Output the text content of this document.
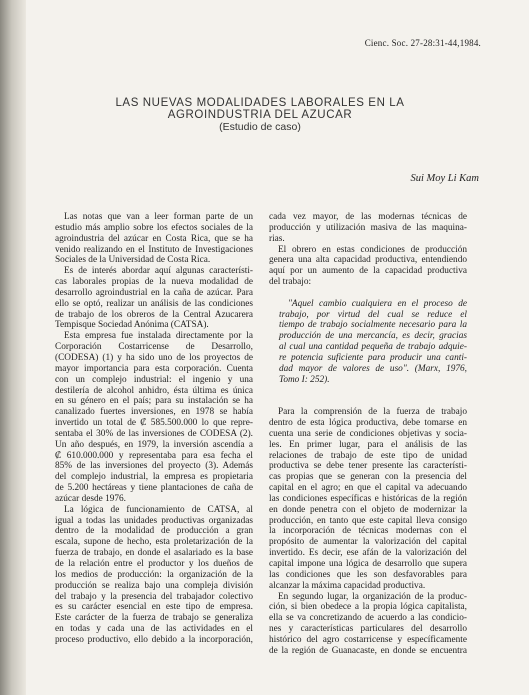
Cienc. Soc. 27-28:31-44,1984.
LAS NUEVAS MODALIDADES LABORALES EN LA
AGROINDUSTRIA DEL AZUCAR
(Estudio de caso)
Sui Moy Li Kam
Las notas que van a leer forman parte de un
estudio más amplio sobre los efectos sociales de la
agroindustria del azúcar en Costa Rica, que se ha
venido realizando en el Instituto de Investigaciones
Sociales de la Universidad de Costa Rica.
Es de interés abordar aquí algunas característi-
cas laborales propias de la nueva modalidad de
desarrollo agroindustrial en la caña de azúcar. Para
ello se optó, realizar un análisis de las condiciones
de trabajo de los obreros de la Central Azucarera
Tempisque Sociedad Anónima (CATSA).
Esta empresa fue instalada directamente por la
Corporación Costarricense de Desarrollo,
(CODESA) (1) y ha sido uno de los proyectos de
mayor importancia para esta corporación. Cuenta
con un complejo industrial: el ingenio y una
destilería de alcohol anhidro, ésta última es única
en su género en el país; para su instalación se ha
canalizado fuertes inversiones, en 1978 se había
invertido un total de ₡ 585.500.000 lo que repre-
sentaba el 30% de las inversiones de CODESA (2).
Un año después, en 1979, la inversión ascendía a
₡ 610.000.000 y representaba para esa fecha el
85% de las inversiones del proyecto (3). Además
del complejo industrial, la empresa es propietaria
de 5.200 hectáreas y tiene plantaciones de caña de
azúcar desde 1976.
La lógica de funcionamiento de CATSA, al
igual a todas las unidades productivas organizadas
dentro de la modalidad de producción a gran
escala, supone de hecho, esta proletarización de la
fuerza de trabajo, en donde el asalariado es la base
de la relación entre el productor y los dueños de
los medios de producción: la organización de la
producción se realiza bajo una compleja división
del trabajo y la presencia del trabajador colectivo
es su carácter esencial en este tipo de empresa.
Este carácter de la fuerza de trabajo se generaliza
en todas y cada una de las actividades en el
proceso productivo, ello debido a la incorporación,
cada vez mayor, de las modernas técnicas de
producción y utilización masiva de las maquina-
rias.
El obrero en estas condiciones de producción
genera una alta capacidad productiva, entendiendo
aquí por un aumento de la capacidad productiva
del trabajo:
"Aquel cambio cualquiera en el proceso de
trabajo, por virtud del cual se reduce el
tiempo de trabajo socialmente necesario para la
producción de una mercancía, es decir, gracias
al cual una cantidad pequeña de trabajo adquie-
re potencia suficiente para producir una canti-
dad mayor de valores de uso". (Marx, 1976,
Tomo I: 252).
Para la comprensión de la fuerza de trabajo
dentro de esta lógica productiva, debe tomarse en
cuenta una serie de condiciones objetivas y socia-
les. En primer lugar, para el análisis de las
relaciones de trabajo de este tipo de unidad
productiva se debe tener presente las característi-
cas propias que se generan con la presencia del
capital en el agro; en que el capital va adecuando
las condiciones específicas e históricas de la región
en donde penetra con el objeto de modernizar la
producción, en tanto que este capital lleva consigo
la incorporación de técnicas modernas con el
propósito de aumentar la valorización del capital
invertido. Es decir, ese afán de la valorización del
capital impone una lógica de desarrollo que supera
las condiciones que les son desfavorables para
alcanzar la máxima capacidad productiva.
En segundo lugar, la organización de la produc-
ción, si bien obedece a la propia lógica capitalista,
ella se va concretizando de acuerdo a las condicio-
nes y características particulares del desarrollo
histórico del agro costarricense y específicamente
de la región de Guanacaste, en donde se encuentra
